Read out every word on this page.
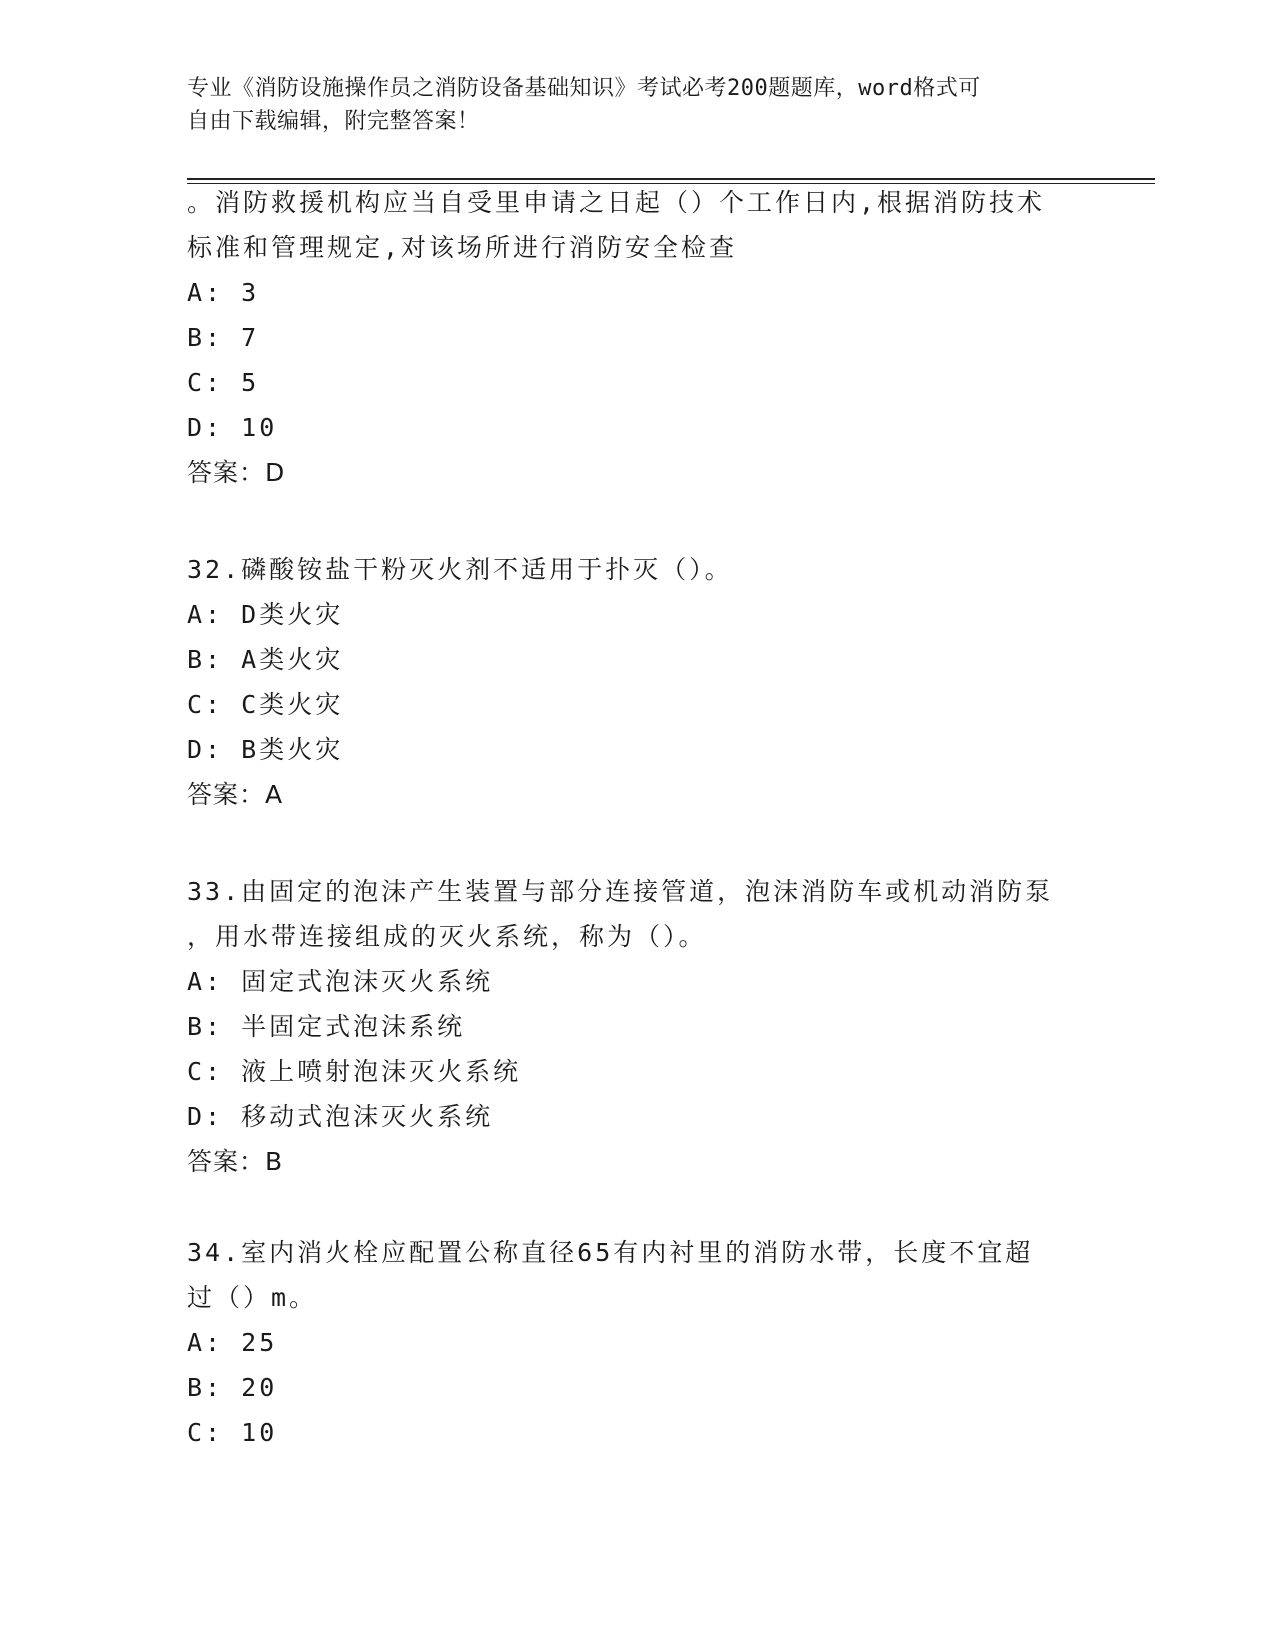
专业《消防设施操作员之消防设备基础知识》考试必考200题题库，word格式可
自由下载编辑，附完整答案！

。消防救援机构应当自受里申请之日起（）个工作日内,根据消防技术

标准和管理规定,对该场所进行消防安全检查

A: 3

B: 7

C: 5

D: 10

答案：D

32.磷酸铵盐干粉灭火剂不适用于扑灭（）。

A: D类火灾

B: A类火灾

C: C类火灾

D: B类火灾

答案：A

33.由固定的泡沫产生装置与部分连接管道，泡沫消防车或机动消防泵

，用水带连接组成的灭火系统，称为（）。

A: 固定式泡沫灭火系统

B: 半固定式泡沫系统

C: 液上喷射泡沫灭火系统

D: 移动式泡沫灭火系统

答案：B

34.室内消火栓应配置公称直径65有内衬里的消防水带，长度不宜超

过（）m。

A: 25

B: 20

C: 10
